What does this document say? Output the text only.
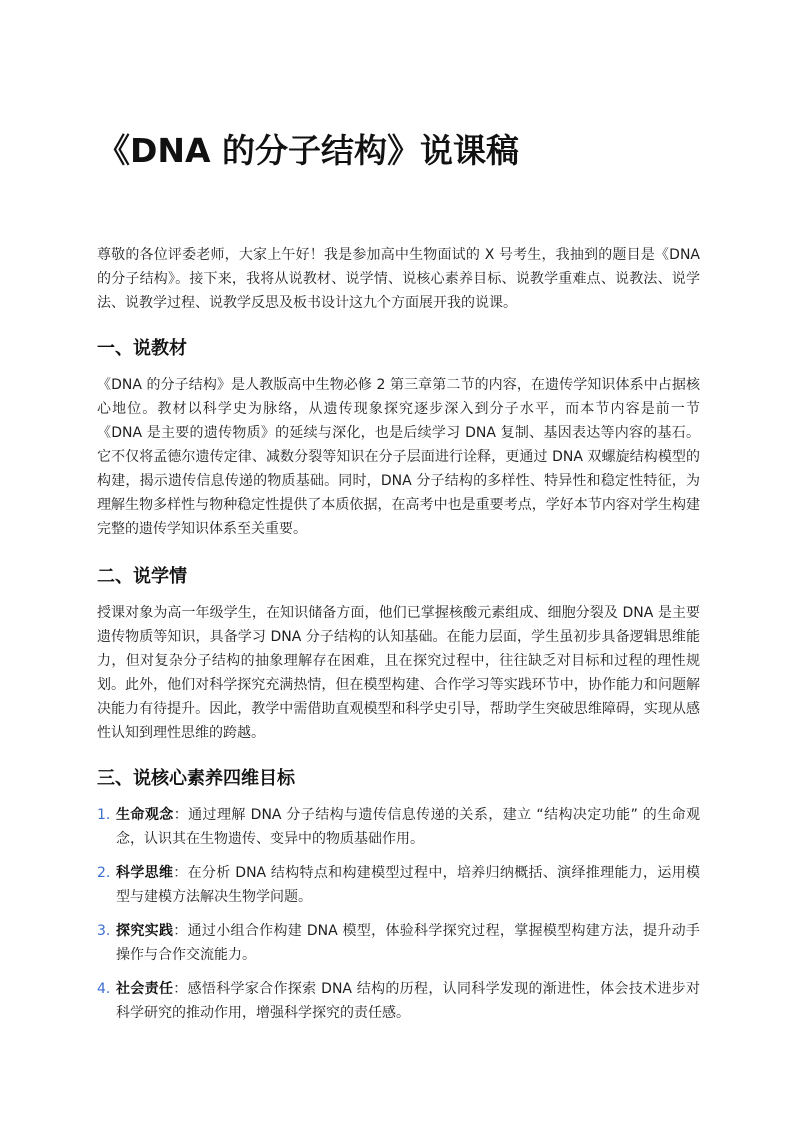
《DNA 的分子结构》说课稿

尊敬的各位评委老师，大家上午好！我是参加高中生物面试的 X 号考生，我抽到的题目是《DNA 的分子结构》。接下来，我将从说教材、说学情、说核心素养目标、说教学重难点、说教法、说学法、说教学过程、说教学反思及板书设计这九个方面展开我的说课。

一、说教材

《DNA 的分子结构》是人教版高中生物必修 2 第三章第二节的内容，在遗传学知识体系中占据核心地位。教材以科学史为脉络，从遗传现象探究逐步深入到分子水平，而本节内容是前一节《DNA 是主要的遗传物质》的延续与深化，也是后续学习 DNA 复制、基因表达等内容的基石。它不仅将孟德尔遗传定律、减数分裂等知识在分子层面进行诠释，更通过 DNA 双螺旋结构模型的构建，揭示遗传信息传递的物质基础。同时，DNA 分子结构的多样性、特异性和稳定性特征，为理解生物多样性与物种稳定性提供了本质依据，在高考中也是重要考点，学好本节内容对学生构建完整的遗传学知识体系至关重要。

二、说学情

授课对象为高一年级学生，在知识储备方面，他们已掌握核酸元素组成、细胞分裂及 DNA 是主要遗传物质等知识，具备学习 DNA 分子结构的认知基础。在能力层面，学生虽初步具备逻辑思维能力，但对复杂分子结构的抽象理解存在困难，且在探究过程中，往往缺乏对目标和过程的理性规划。此外，他们对科学探究充满热情，但在模型构建、合作学习等实践环节中，协作能力和问题解决能力有待提升。因此，教学中需借助直观模型和科学史引导，帮助学生突破思维障碍，实现从感性认知到理性思维的跨越。

三、说核心素养四维目标
1. 生命观念：通过理解 DNA 分子结构与遗传信息传递的关系，建立 “结构决定功能” 的生命观念，认识其在生物遗传、变异中的物质基础作用。
2. 科学思维：在分析 DNA 结构特点和构建模型过程中，培养归纳概括、演绎推理能力，运用模型与建模方法解决生物学问题。
3. 探究实践：通过小组合作构建 DNA 模型，体验科学探究过程，掌握模型构建方法，提升动手操作与合作交流能力。
4. 社会责任：感悟科学家合作探索 DNA 结构的历程，认同科学发现的渐进性，体会技术进步对科学研究的推动作用，增强科学探究的责任感。
